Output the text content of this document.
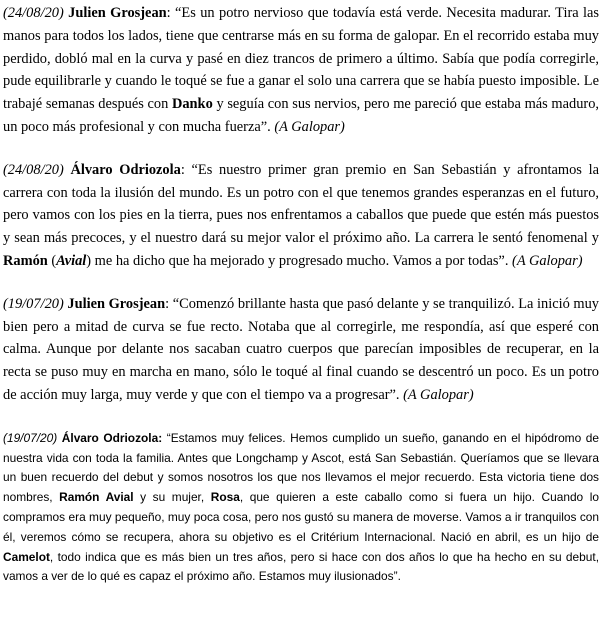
(24/08/20) Julien Grosjean: “Es un potro nervioso que todavía está verde. Necesita madurar. Tira las manos para todos los lados, tiene que centrarse más en su forma de galopar. En el recorrido estaba muy perdido, dobló mal en la curva y pasé en diez trancos de primero a último. Sabía que podía corregirle, pude equilibrarle y cuando le toqué se fue a ganar el solo una carrera que se había puesto imposible. Le trabajé semanas después con Danko y seguía con sus nervios, pero me pareció que estaba más maduro, un poco más profesional y con mucha fuerza”. (A Galopar)

(24/08/20) Álvaro Odriozola: “Es nuestro primer gran premio en San Sebastián y afrontamos la carrera con toda la ilusión del mundo. Es un potro con el que tenemos grandes esperanzas en el futuro, pero vamos con los pies en la tierra, pues nos enfrentamos a caballos que puede que estén más puestos y sean más precoces, y el nuestro dará su mejor valor el próximo año. La carrera le sentó fenomenal y Ramón (Avial) me ha dicho que ha mejorado y progresado mucho. Vamos a por todas”. (A Galopar)

(19/07/20) Julien Grosjean: “Comenzó brillante hasta que pasó delante y se tranquilizó. La inició muy bien pero a mitad de curva se fue recto. Notaba que al corregirle, me respondía, así que esperé con calma. Aunque por delante nos sacaban cuatro cuerpos que parecían imposibles de recuperar, en la recta se puso muy en marcha en mano, sólo le toqué al final cuando se descentró un poco. Es un potro de acción muy larga, muy verde y que con el tiempo va a progresar”. (A Galopar)

(19/07/20) Álvaro Odriozola: “Estamos muy felices. Hemos cumplido un sueño, ganando en el hipódromo de nuestra vida con toda la familia. Antes que Longchamp y Ascot, está San Sebastián. Queríamos que se llevara un buen recuerdo del debut y somos nosotros los que nos llevamos el mejor recuerdo. Esta victoria tiene dos nombres, Ramón Avial y su mujer, Rosa, que quieren a este caballo como si fuera un hijo. Cuando lo compramos era muy pequeño, muy poca cosa, pero nos gustó su manera de moverse. Vamos a ir tranquilos con él, veremos cómo se recupera, ahora su objetivo es el Critérium Internacional. Nació en abril, es un hijo de Camelot, todo indica que es más bien un tres años, pero si hace con dos años lo que ha hecho en su debut, vamos a ver de lo qué es capaz el próximo año. Estamos muy ilusionados”.
